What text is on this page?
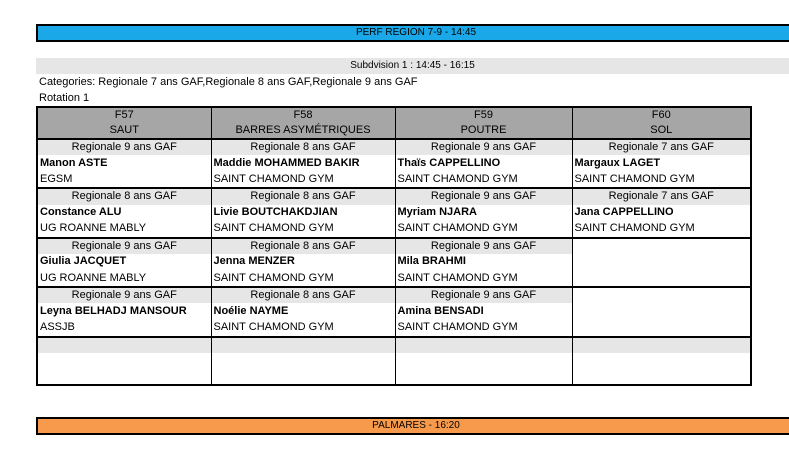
PERF REGION 7-9 - 14:45
Subdvision 1 : 14:45 - 16:15
Categories: Regionale 7 ans GAF,Regionale 8 ans GAF,Regionale 9 ans GAF
Rotation 1
F57	F58	F59	F60
SAUT	BARRES ASYMÉTRIQUES	POUTRE	SOL
Regionale 9 ans GAF	Regionale 8 ans GAF	Regionale 9 ans GAF	Regionale 7 ans GAF
Manon ASTE	Maddie MOHAMMED BAKIR	Thaïs CAPPELLINO	Margaux LAGET
EGSM	SAINT CHAMOND GYM	SAINT CHAMOND GYM	SAINT CHAMOND GYM
Regionale 8 ans GAF	Regionale 8 ans GAF	Regionale 9 ans GAF	Regionale 7 ans GAF
Constance ALU	Livie BOUTCHAKDJIAN	Myriam NJARA	Jana CAPPELLINO
UG ROANNE MABLY	SAINT CHAMOND GYM	SAINT CHAMOND GYM	SAINT CHAMOND GYM
Regionale 9 ans GAF	Regionale 8 ans GAF	Regionale 9 ans GAF	
Giulia JACQUET	Jenna MENZER	Mila BRAHMI	
UG ROANNE MABLY	SAINT CHAMOND GYM	SAINT CHAMOND GYM	
Regionale 9 ans GAF	Regionale 8 ans GAF	Regionale 9 ans GAF	
Leyna BELHADJ MANSOUR	Noélie NAYME	Amina BENSADI	
ASSJB	SAINT CHAMOND GYM	SAINT CHAMOND GYM	

PALMARES - 16:20
